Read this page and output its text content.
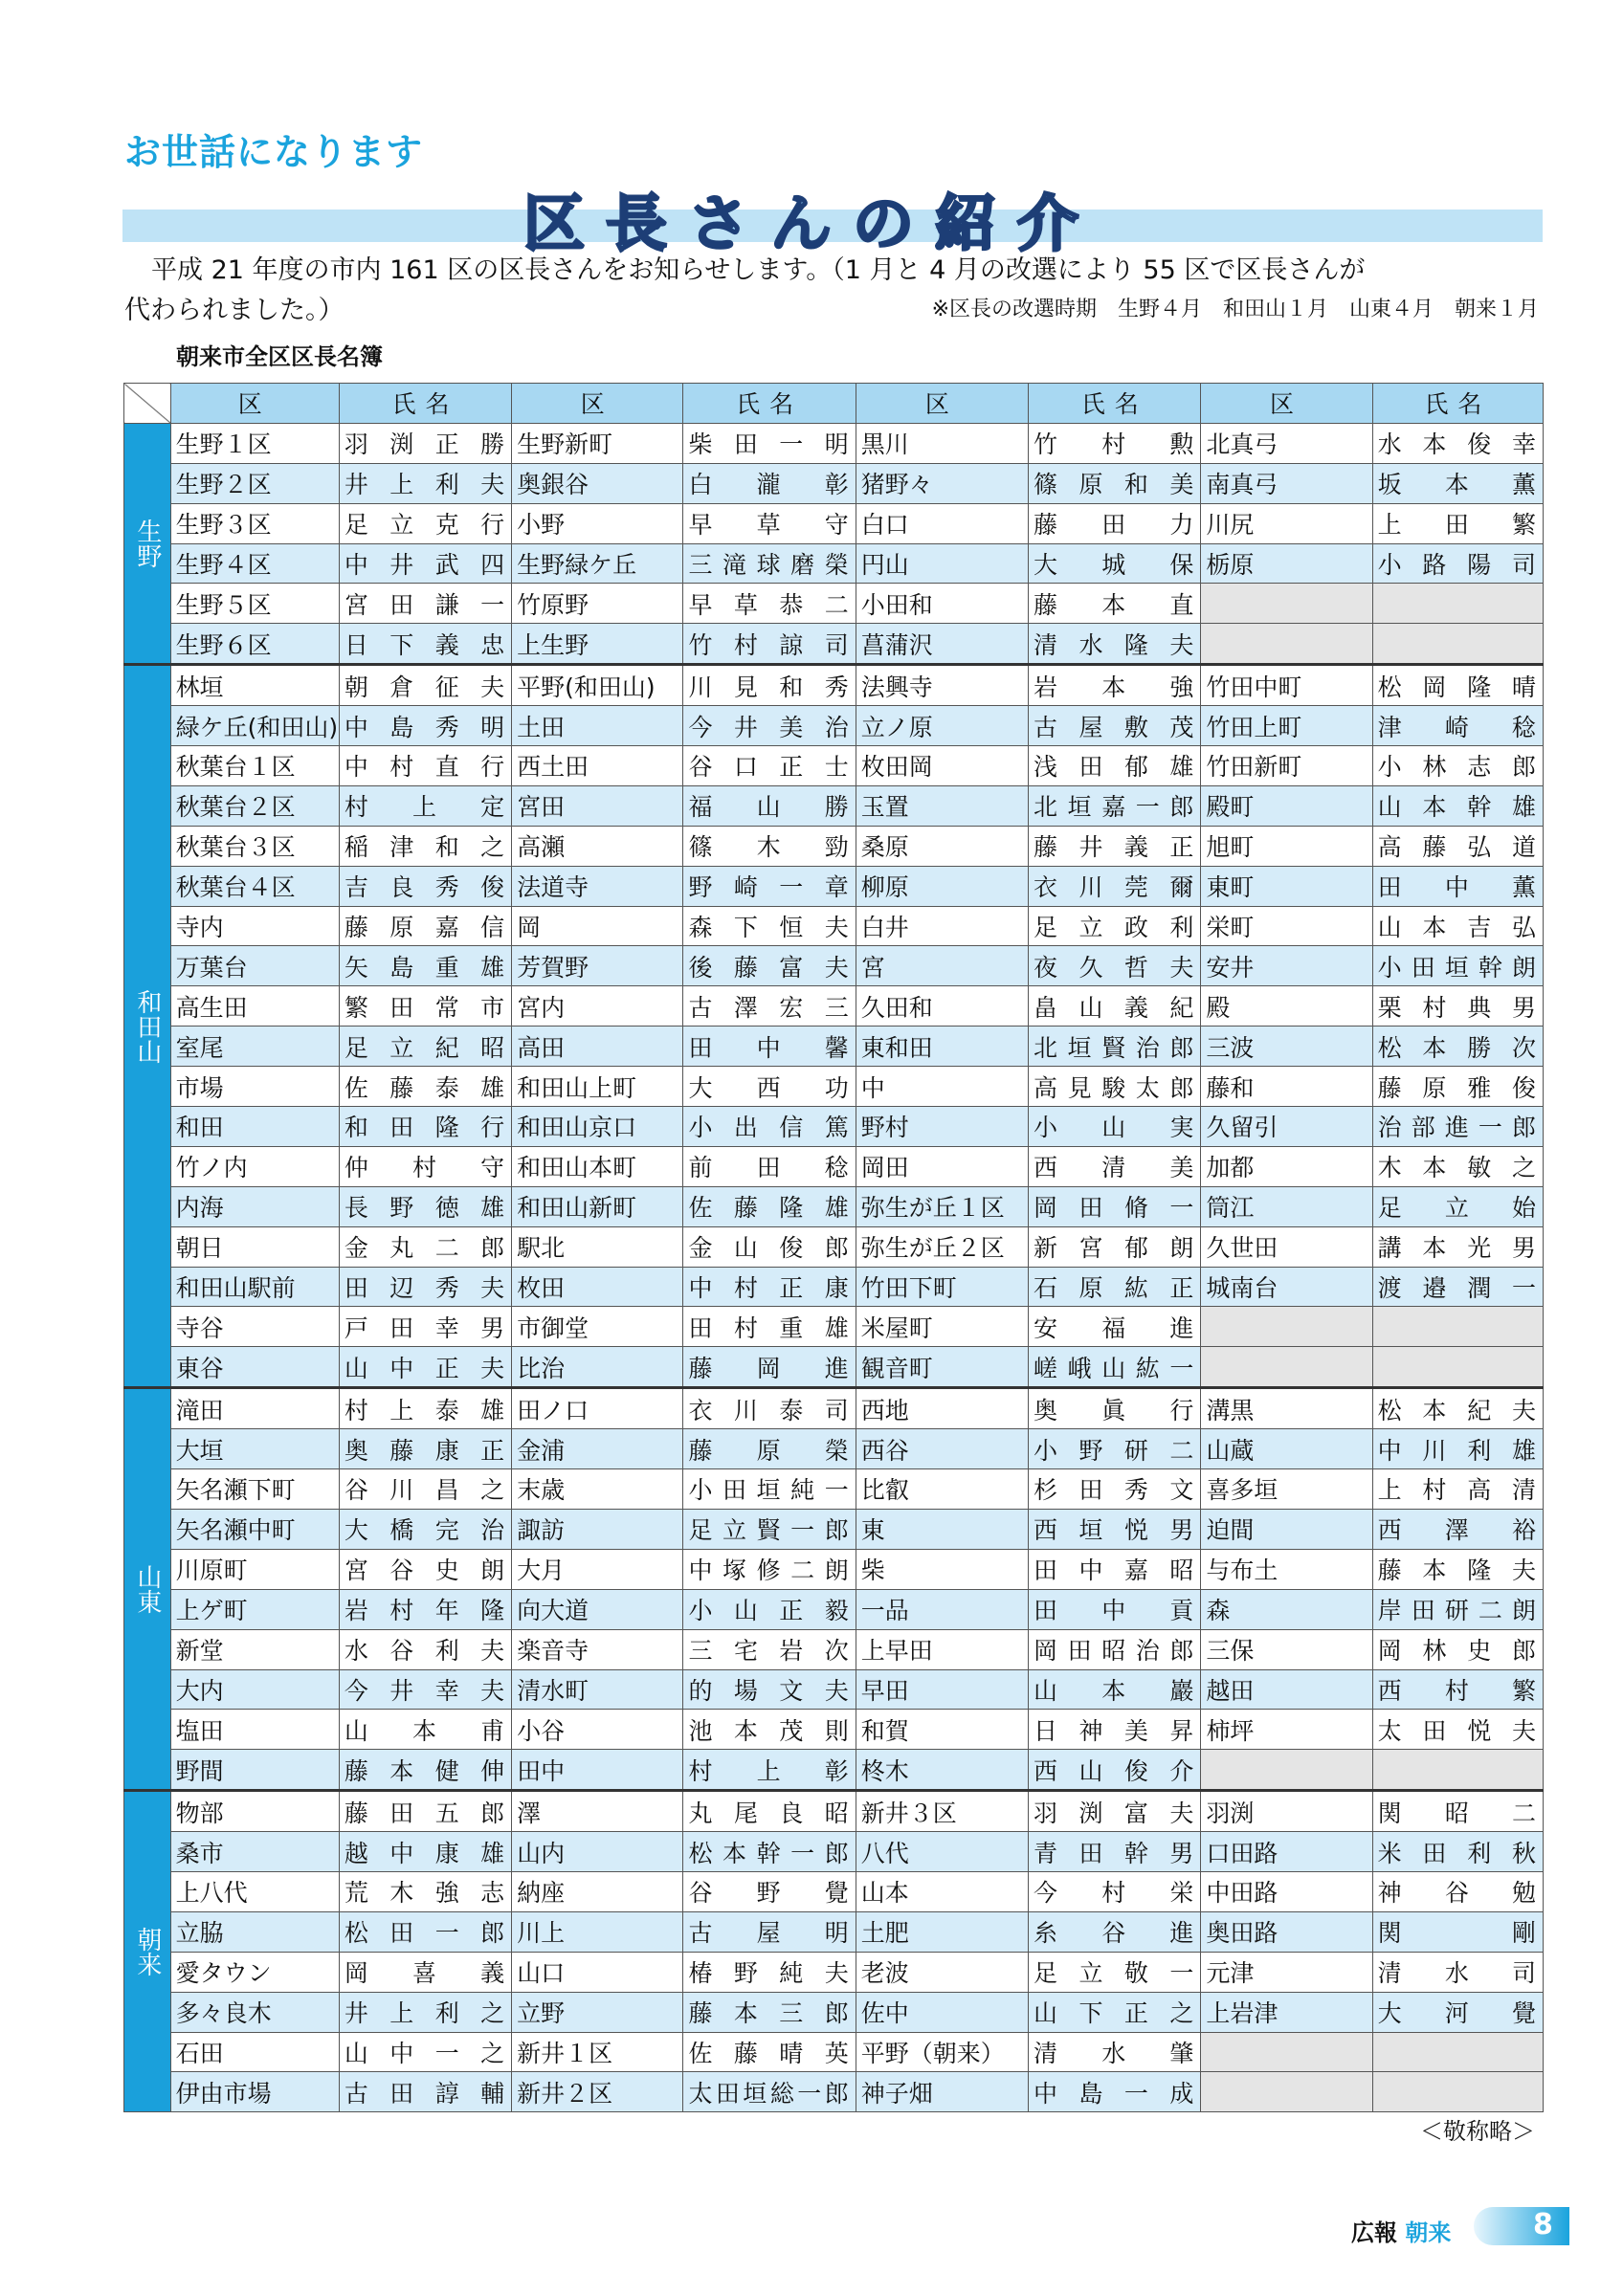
お世話になります
区長さんの紹介
平成 21 年度の市内 161 区の区長さんをお知らせします。（1 月と 4 月の改選により 55 区で区長さんが
代わられました。）	※区長の改選時期　生野４月　和田山１月　山東４月　朝来１月
朝来市全区区長名簿
	区	氏名	区	氏名	区	氏名	区	氏名
生野	生野１区	羽渕正勝	生野新町	柴田一明	黒川	竹村勲	北真弓	水本俊幸
	生野２区	井上利夫	奥銀谷	白瀧彰	猪野々	篠原和美	南真弓	坂本薫
	生野３区	足立克行	小野	早草守	白口	藤田力	川尻	上田繁
	生野４区	中井武四	生野緑ケ丘	三滝球磨榮	円山	大城保	栃原	小路陽司
	生野５区	宮田謙一	竹原野	早草恭二	小田和	藤本直		
	生野６区	日下義忠	上生野	竹村諒司	菖蒲沢	清水隆夫		
和田山	林垣	朝倉征夫	平野(和田山)	川見和秀	法興寺	岩本強	竹田中町	松岡隆晴
	緑ケ丘(和田山)	中島秀明	土田	今井美治	立ノ原	古屋敷茂	竹田上町	津崎稔
	秋葉台１区	中村直行	西土田	谷口正士	枚田岡	浅田郁雄	竹田新町	小林志郎
	秋葉台２区	村上定	宮田	福山勝	玉置	北垣嘉一郎	殿町	山本幹雄
	秋葉台３区	稲津和之	高瀬	篠木勁	桑原	藤井義正	旭町	高藤弘道
	秋葉台４区	吉良秀俊	法道寺	野崎一章	柳原	衣川莞爾	東町	田中薫
	寺内	藤原嘉信	岡	森下恒夫	白井	足立政利	栄町	山本吉弘
	万葉台	矢島重雄	芳賀野	後藤富夫	宮	夜久哲夫	安井	小田垣幹朗
	高生田	繁田常市	宮内	古澤宏三	久田和	畠山義紀	殿	栗村典男
	室尾	足立紀昭	高田	田中馨	東和田	北垣賢治郎	三波	松本勝次
	市場	佐藤泰雄	和田山上町	大西功	中	高見駿太郎	藤和	藤原雅俊
	和田	和田隆行	和田山京口	小出信篤	野村	小山実	久留引	治部進一郎
	竹ノ内	仲村守	和田山本町	前田稔	岡田	西清美	加都	木本敏之
	内海	長野徳雄	和田山新町	佐藤隆雄	弥生が丘１区	岡田脩一	筒江	足立始
	朝日	金丸二郎	駅北	金山俊郎	弥生が丘２区	新宮郁朗	久世田	講本光男
	和田山駅前	田辺秀夫	枚田	中村正康	竹田下町	石原紘正	城南台	渡邉潤一
	寺谷	戸田幸男	市御堂	田村重雄	米屋町	安福進		
	東谷	山中正夫	比治	藤岡進	観音町	嵯峨山紘一		
山東	滝田	村上泰雄	田ノ口	衣川泰司	西地	奥眞行	溝黒	松本紀夫
	大垣	奥藤康正	金浦	藤原榮	西谷	小野研二	山蔵	中川利雄
	矢名瀬下町	谷川昌之	末歳	小田垣純一	比叡	杉田秀文	喜多垣	上村高清
	矢名瀬中町	大橋完治	諏訪	足立賢一郎	東	西垣悦男	迫間	西澤裕
	川原町	宮谷史朗	大月	中塚修二朗	柴	田中嘉昭	与布土	藤本隆夫
	上ゲ町	岩村年隆	向大道	小山正毅	一品	田中貢	森	岸田研二朗
	新堂	水谷利夫	楽音寺	三宅岩次	上早田	岡田昭治郎	三保	岡林史郎
	大内	今井幸夫	清水町	的場文夫	早田	山本巖	越田	西村繁
	塩田	山本甫	小谷	池本茂則	和賀	日神美昇	柿坪	太田悦夫
	野間	藤本健伸	田中	村上彰	柊木	西山俊介		
朝来	物部	藤田五郎	澤	丸尾良昭	新井３区	羽渕富夫	羽渕	関昭二
	桑市	越中康雄	山内	松本幹一郎	八代	青田幹男	口田路	米田利秋
	上八代	荒木強志	納座	谷野覺	山本	今村栄	中田路	神谷勉
	立脇	松田一郎	川上	古屋明	土肥	糸谷進	奥田路	関剛
	愛タウン	岡喜義	山口	椿野純夫	老波	足立敬一	元津	清水司
	多々良木	井上利之	立野	藤本三郎	佐中	山下正之	上岩津	大河覺
	石田	山中一之	新井１区	佐藤晴英	平野（朝来）	清水肇		
	伊由市場	古田諄輔	新井２区	太田垣総一郎	神子畑	中島一成		
＜敬称略＞
広報 朝来	8
